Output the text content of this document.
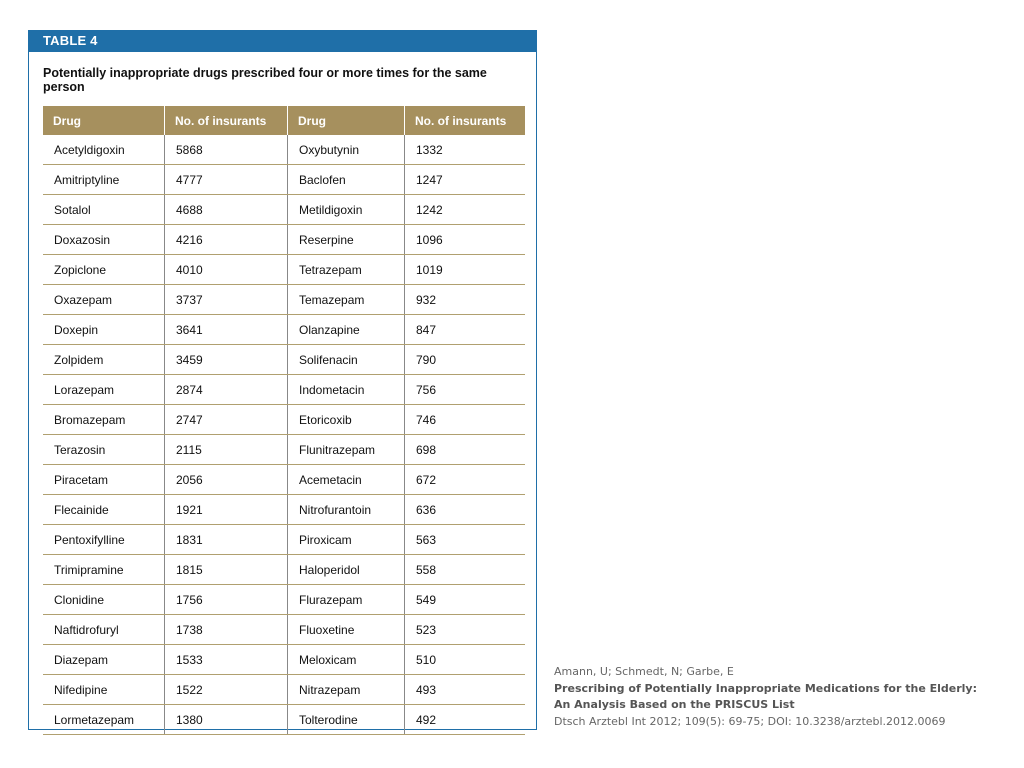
TABLE 4
Potentially inappropriate drugs prescribed four or more times for the same person
Drug	No. of insurants	Drug	No. of insurants
Acetyldigoxin	5868	Oxybutynin	1332
Amitriptyline	4777	Baclofen	1247
Sotalol	4688	Metildigoxin	1242
Doxazosin	4216	Reserpine	1096
Zopiclone	4010	Tetrazepam	1019
Oxazepam	3737	Temazepam	932
Doxepin	3641	Olanzapine	847
Zolpidem	3459	Solifenacin	790
Lorazepam	2874	Indometacin	756
Bromazepam	2747	Etoricoxib	746
Terazosin	2115	Flunitrazepam	698
Piracetam	2056	Acemetacin	672
Flecainide	1921	Nitrofurantoin	636
Pentoxifylline	1831	Piroxicam	563
Trimipramine	1815	Haloperidol	558
Clonidine	1756	Flurazepam	549
Naftidrofuryl	1738	Fluoxetine	523
Diazepam	1533	Meloxicam	510
Nifedipine	1522	Nitrazepam	493
Lormetazepam	1380	Tolterodine	492
Amann, U; Schmedt, N; Garbe, E
Prescribing of Potentially Inappropriate Medications for the Elderly:
An Analysis Based on the PRISCUS List
Dtsch Arztebl Int 2012; 109(5): 69-75; DOI: 10.3238/arztebl.2012.0069
